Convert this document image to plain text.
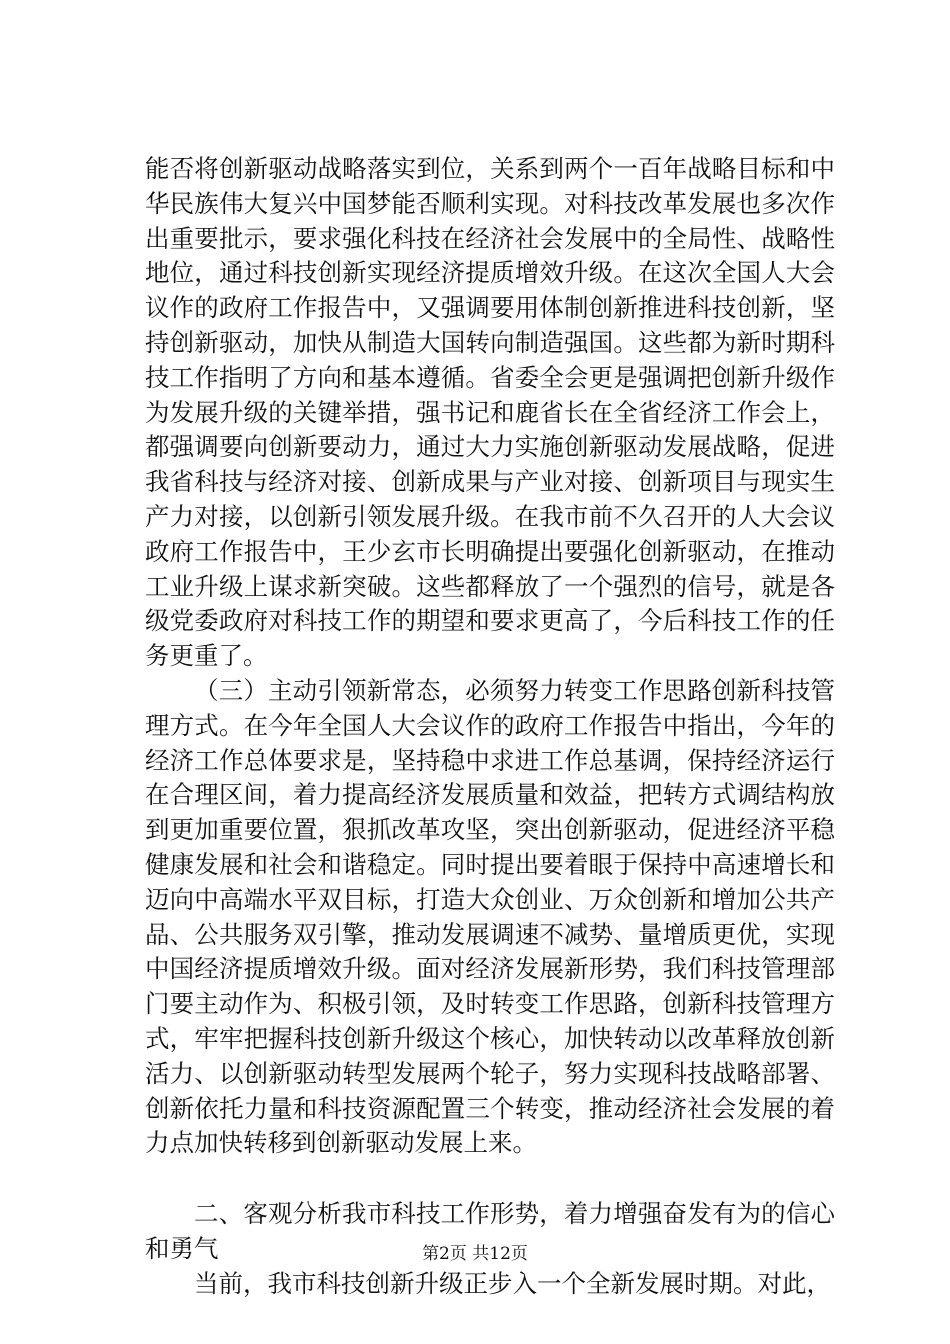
能否将创新驱动战略落实到位，关系到两个一百年战略目标和中华民族伟大复兴中国梦能否顺利实现。对科技改革发展也多次作出重要批示，要求强化科技在经济社会发展中的全局性、战略性地位，通过科技创新实现经济提质增效升级。在这次全国人大会议作的政府工作报告中，又强调要用体制创新推进科技创新，坚持创新驱动，加快从制造大国转向制造强国。这些都为新时期科技工作指明了方向和基本遵循。省委全会更是强调把创新升级作为发展升级的关键举措，强书记和鹿省长在全省经济工作会上，都强调要向创新要动力，通过大力实施创新驱动发展战略，促进我省科技与经济对接、创新成果与产业对接、创新项目与现实生产力对接，以创新引领发展升级。在我市前不久召开的人大会议政府工作报告中，王少玄市长明确提出要强化创新驱动，在推动工业升级上谋求新突破。这些都释放了一个强烈的信号，就是各级党委政府对科技工作的期望和要求更高了，今后科技工作的任务更重了。

（三）主动引领新常态，必须努力转变工作思路创新科技管理方式。在今年全国人大会议作的政府工作报告中指出，今年的经济工作总体要求是，坚持稳中求进工作总基调，保持经济运行在合理区间，着力提高经济发展质量和效益，把转方式调结构放到更加重要位置，狠抓改革攻坚，突出创新驱动，促进经济平稳健康发展和社会和谐稳定。同时提出要着眼于保持中高速增长和迈向中高端水平双目标，打造大众创业、万众创新和增加公共产品、公共服务双引擎，推动发展调速不减势、量增质更优，实现中国经济提质增效升级。面对经济发展新形势，我们科技管理部门要主动作为、积极引领，及时转变工作思路，创新科技管理方式，牢牢把握科技创新升级这个核心，加快转动以改革释放创新活力、以创新驱动转型发展两个轮子，努力实现科技战略部署、创新依托力量和科技资源配置三个转变，推动经济社会发展的着力点加快转移到创新驱动发展上来。

二、客观分析我市科技工作形势，着力增强奋发有为的信心和勇气

当前，我市科技创新升级正步入一个全新发展时期。对此，

第2页 共12页
